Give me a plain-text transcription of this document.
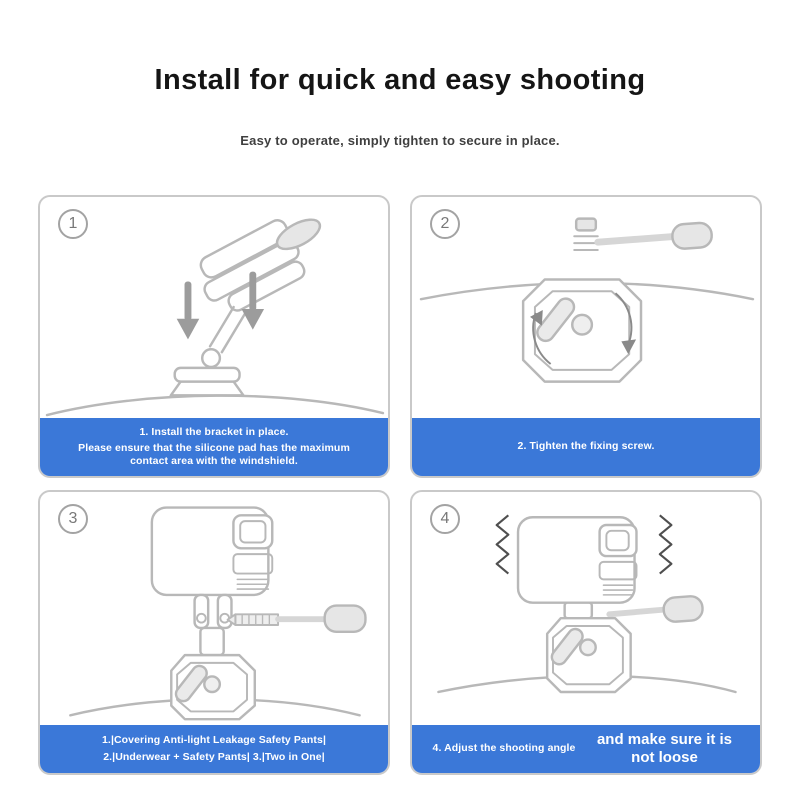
Install for quick and easy shooting
Easy to operate, simply tighten to secure in place.
1
1. Install the bracket in place.
Please ensure that the silicone pad has the maximum contact area with the windshield.
2
2. Tighten the fixing screw.
3
1.|Covering Anti-light Leakage Safety Pants|
2.|Underwear + Safety Pants| 3.|Two in One|
4
4. Adjust the shooting angle
and make sure it is not loose
